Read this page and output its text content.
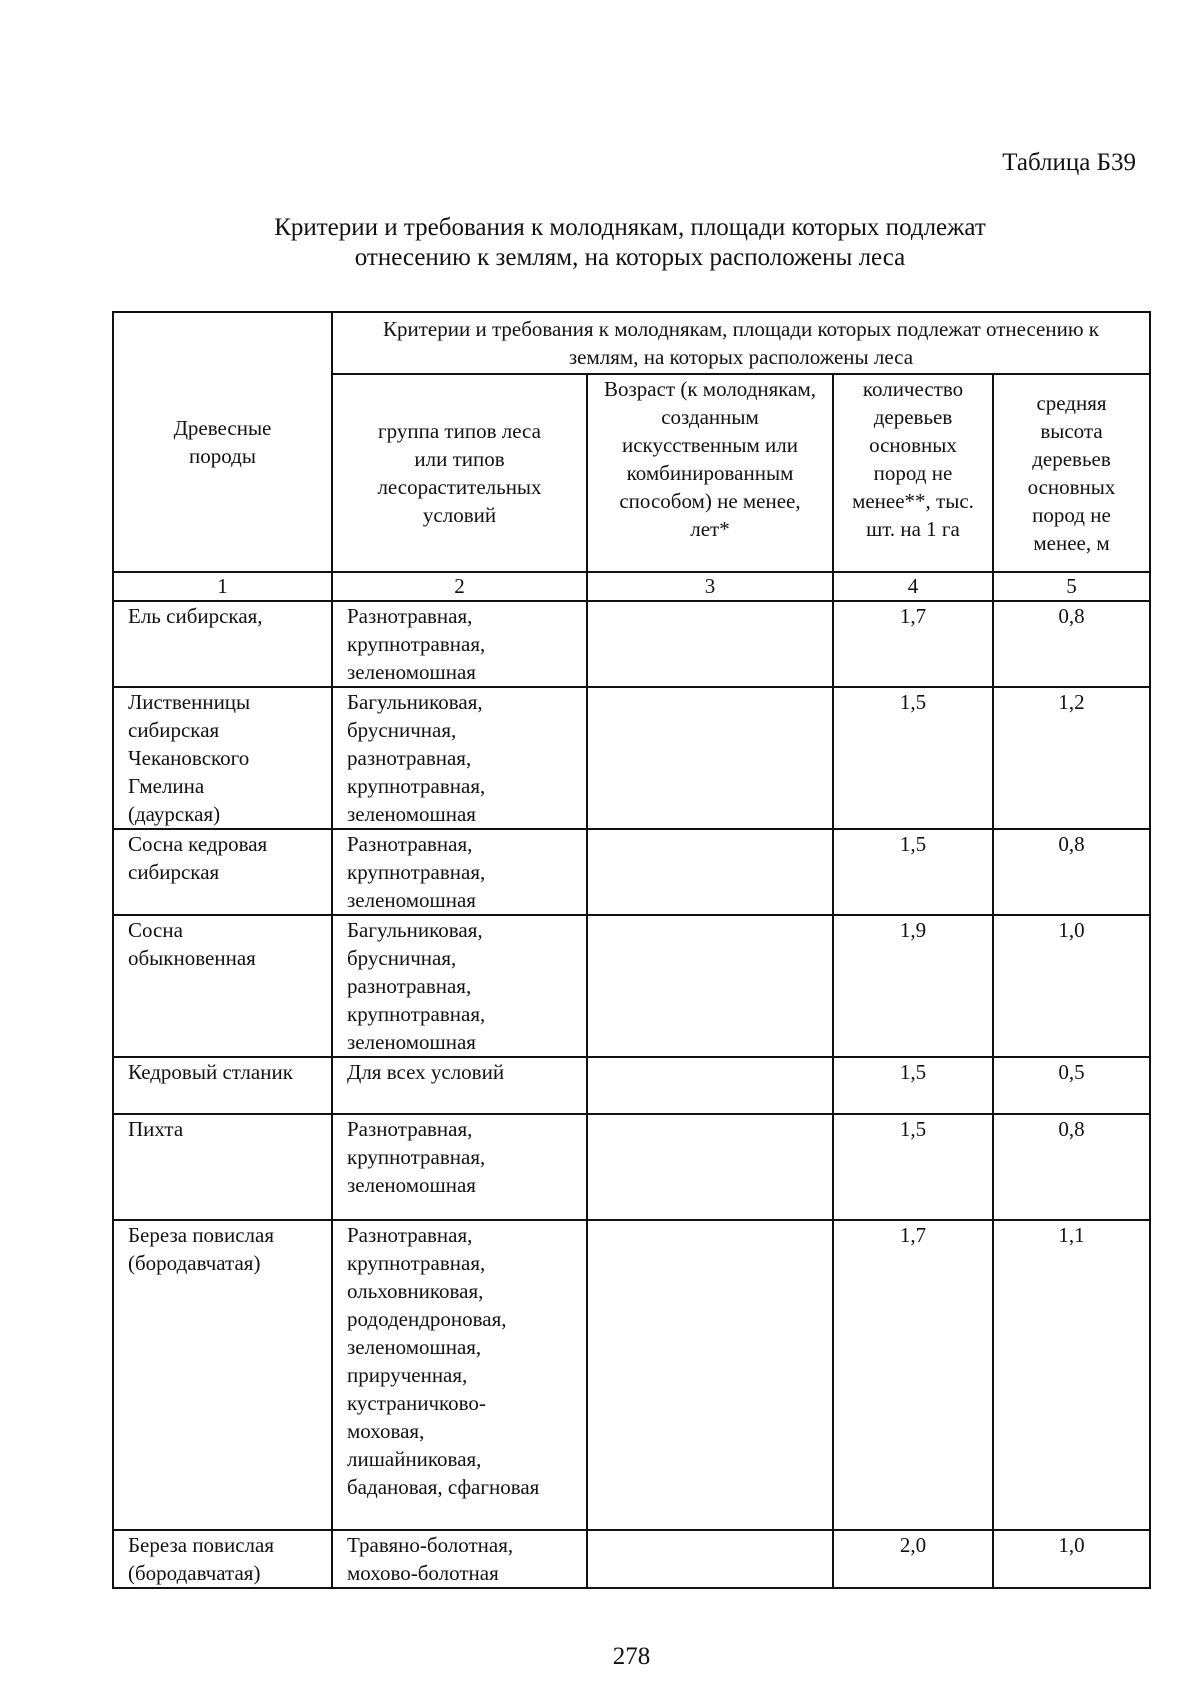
Таблица Б39
Критерии и требования к молоднякам, площади которых подлежат
отнесению к землям, на которых расположены леса
Древесные породы	Критерии и требования к молоднякам, площади которых подлежат отнесению к землям, на которых расположены леса			

	группа типов леса или типов лесорастительных условий	Возраст (к молоднякам, созданным искусственным или комбинированным способом) не менее, лет*	количество деревьев основных пород не менее**, тыс. шт. на 1 га	средняя высота деревьев основных пород не менее, м

1	2	3	4	5

Ель сибирская,	Разнотравная, крупнотравная, зеленомошная		1,7	0,8

Лиственницы сибирская Чекановского Гмелина (даурская)	Багульниковая, брусничная, разнотравная, крупнотравная, зеленомошная		1,5	1,2

Сосна кедровая сибирская	Разнотравная, крупнотравная, зеленомошная		1,5	0,8

Сосна обыкновенная	Багульниковая, брусничная, разнотравная, крупнотравная, зеленомошная		1,9	1,0

Кедровый стланик	Для всех условий		1,5	0,5

Пихта	Разнотравная, крупнотравная, зеленомошная		1,5	0,8

Береза повислая (бородавчатая)	Разнотравная, крупнотравная, ольховниковая, рододендроновая, зеленомошная, прирученная, кустраничково-моховая, лишайниковая, бадановая, сфагновая		1,7	1,1

Береза повислая (бородавчатая)	Травяно-болотная, мохово-болотная		2,0	1,0
278
